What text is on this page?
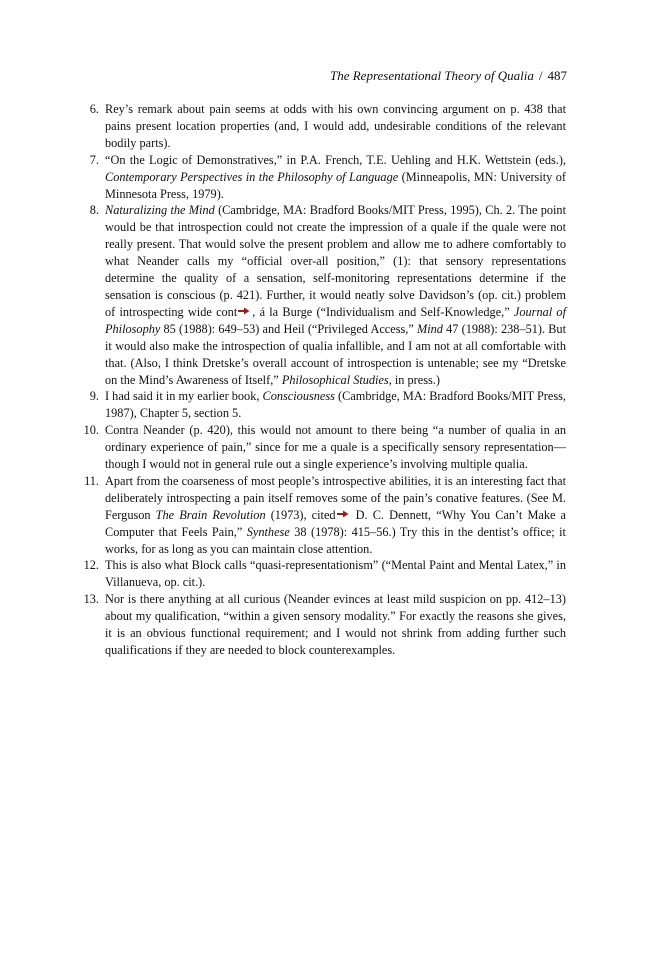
The Representational Theory of Qualia / 487

6. Rey’s remark about pain seems at odds with his own convincing argument on p. 438 that pains present location properties (and, I would add, undesirable conditions of the relevant bodily parts).

7. “On the Logic of Demonstratives,” in P.A. French, T.E. Uehling and H.K. Wettstein (eds.), Contemporary Perspectives in the Philosophy of Language (Minneapolis, MN: University of Minnesota Press, 1979).

8. Naturalizing the Mind (Cambridge, MA: Bradford Books/MIT Press, 1995), Ch. 2. The point would be that introspection could not create the impression of a quale if the quale were not really present. That would solve the present problem and allow me to adhere comfortably to what Neander calls my “official over-all position,” (1): that sensory representations determine the quality of a sensation, self-monitoring representations determine if the sensation is conscious (p. 421). Further, it would neatly solve Davidson’s (op. cit.) problem of introspecting wide cont , á la Burge (“Individualism and Self-Knowledge,” Journal of Philosophy 85 (1988): 649–53) and Heil (“Privileged Access,” Mind 47 (1988): 238–51). But it would also make the introspection of qualia infallible, and I am not at all comfortable with that. (Also, I think Dretske’s overall account of introspection is untenable; see my “Dretske on the Mind’s Awareness of Itself,” Philosophical Studies, in press.)

9. I had said it in my earlier book, Consciousness (Cambridge, MA: Bradford Books/MIT Press, 1987), Chapter 5, section 5.

10. Contra Neander (p. 420), this would not amount to there being “a number of qualia in an ordinary experience of pain,” since for me a quale is a specifically sensory representation—though I would not in general rule out a single experience’s involving multiple qualia.

11. Apart from the coarseness of most people’s introspective abilities, it is an interesting fact that deliberately introspecting a pain itself removes some of the pain’s conative features. (See M. Ferguson The Brain Revolution (1973), cited D. C. Dennett, “Why You Can’t Make a Computer that Feels Pain,” Synthese 38 (1978): 415–56.) Try this in the dentist’s office; it works, for as long as you can maintain close attention.

12. This is also what Block calls “quasi-representationism” (“Mental Paint and Mental Latex,” in Villanueva, op. cit.).

13. Nor is there anything at all curious (Neander evinces at least mild suspicion on pp. 412–13) about my qualification, “within a given sensory modality.” For exactly the reasons she gives, it is an obvious functional requirement; and I would not shrink from adding further such qualifications if they are needed to block counterexamples.
